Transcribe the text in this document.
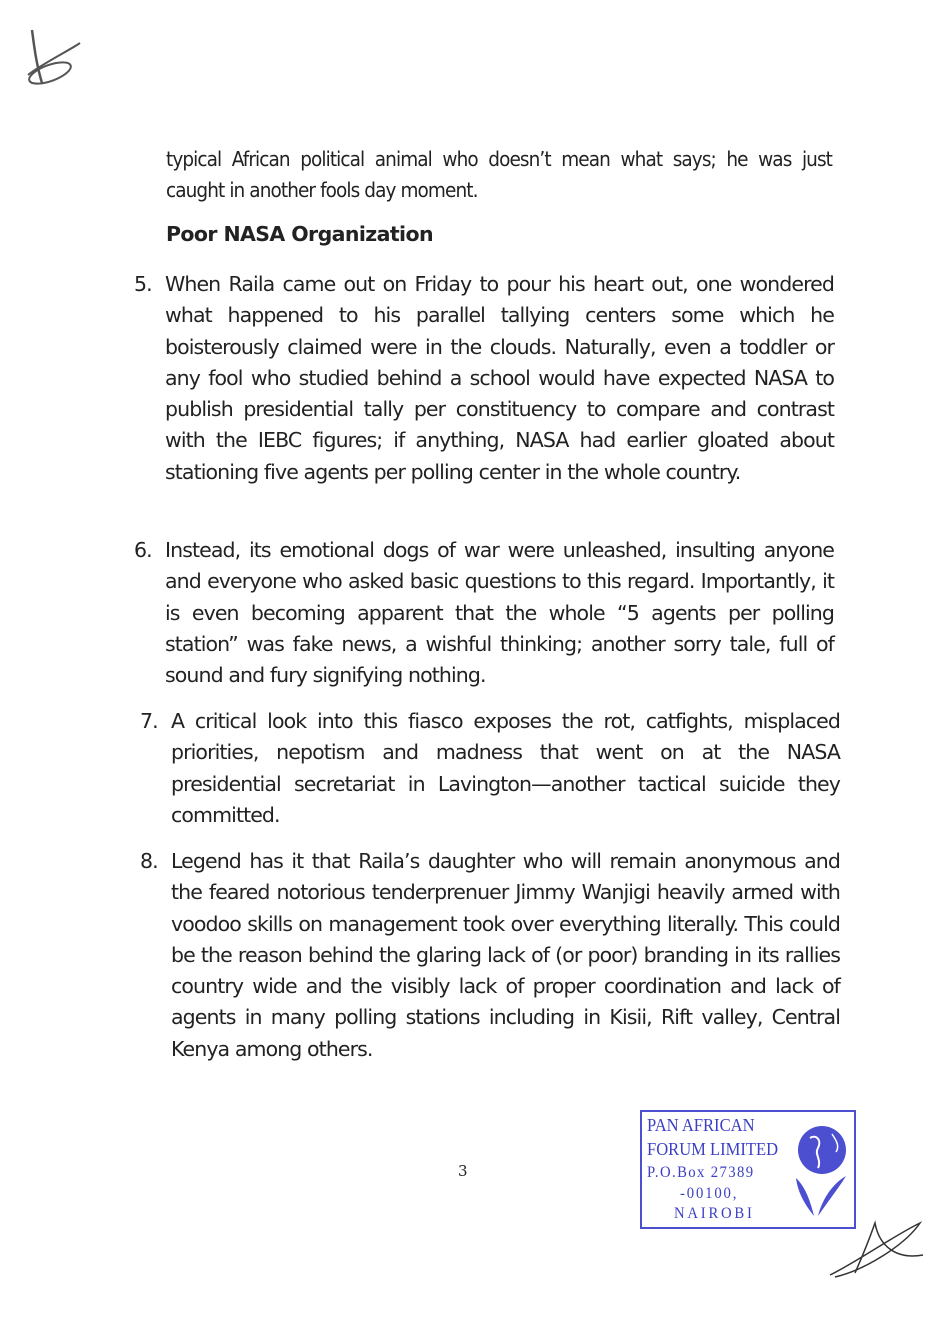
typical African political animal who doesn’t mean what says; he was just caught in another fools day moment.
Poor NASA Organization
5. When Raila came out on Friday to pour his heart out, one wondered what happened to his parallel tallying centers some which he boisterously claimed were in the clouds. Naturally, even a toddler or any fool who studied behind a school would have expected NASA to publish presidential tally per constituency to compare and contrast with the IEBC figures; if anything, NASA had earlier gloated about stationing five agents per polling center in the whole country.
6. Instead, its emotional dogs of war were unleashed, insulting anyone and everyone who asked basic questions to this regard. Importantly, it is even becoming apparent that the whole “5 agents per polling station” was fake news, a wishful thinking; another sorry tale, full of sound and fury signifying nothing.
7. A critical look into this fiasco exposes the rot, catfights, misplaced priorities, nepotism and madness that went on at the NASA presidential secretariat in Lavington—another tactical suicide they committed.
8. Legend has it that Raila’s daughter who will remain anonymous and the feared notorious tenderprenuer Jimmy Wanjigi heavily armed with voodoo skills on management took over everything literally. This could be the reason behind the glaring lack of (or poor) branding in its rallies country wide and the visibly lack of proper coordination and lack of agents in many polling stations including in Kisii, Rift valley, Central Kenya among others.
3
PAN AFRICAN
FORUM LIMITED
P.O.Box 27389
-00100,
NAIROBI
